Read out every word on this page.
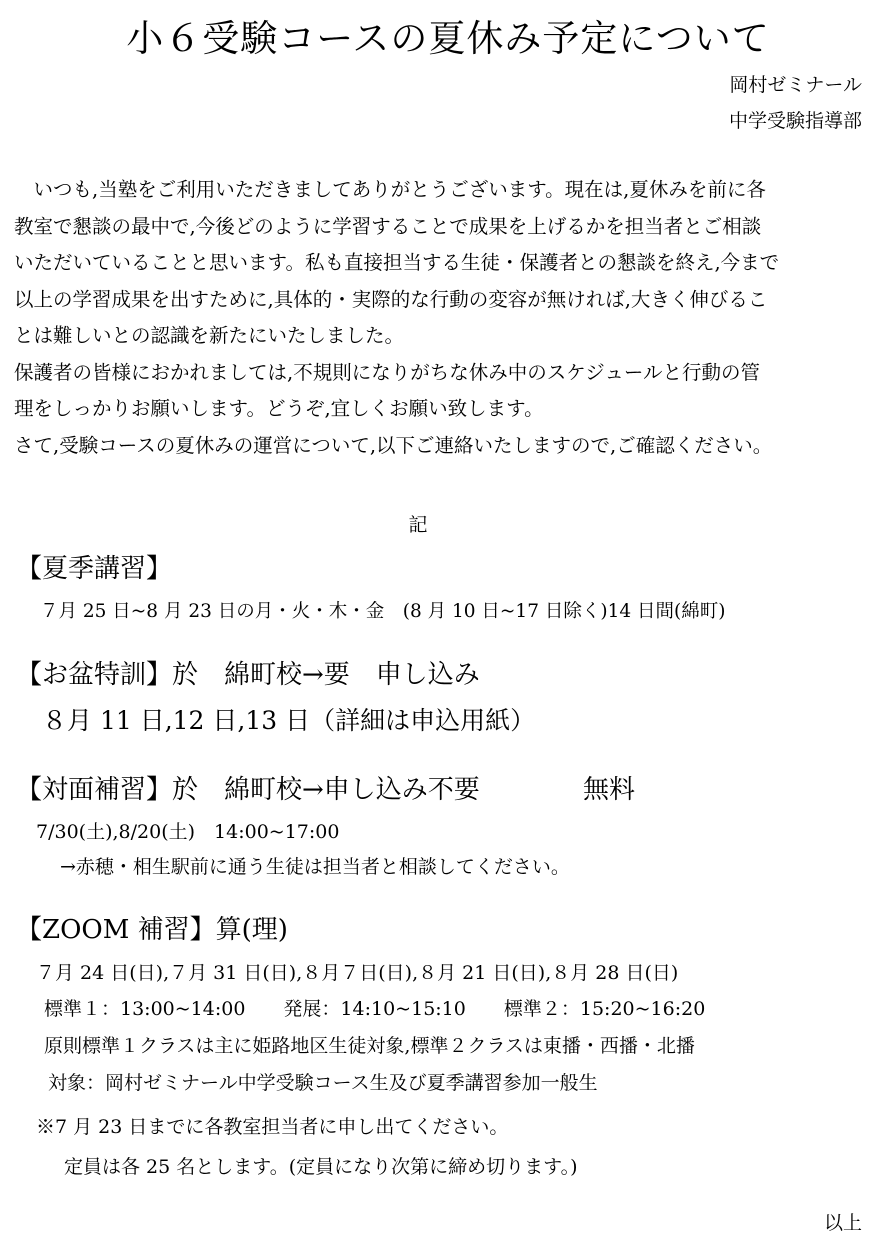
小６受験コースの夏休み予定について
岡村ゼミナール
中学受験指導部

　いつも,当塾をご利用いただきましてありがとうございます。現在は,夏休みを前に各

教室で懇談の最中で,今後どのように学習することで成果を上げるかを担当者とご相談

いただいていることと思います。私も直接担当する生徒・保護者との懇談を終え,今まで

以上の学習成果を出すために,具体的・実際的な行動の変容が無ければ,大きく伸びるこ

とは難しいとの認識を新たにいたしました。

保護者の皆様におかれましては,不規則になりがちな休み中のスケジュールと行動の管

理をしっかりお願いします。どうぞ,宜しくお願い致します。

さて,受験コースの夏休みの運営について,以下ご連絡いたしますので,ご確認ください。

記
【夏季講習】
７月 25 日~8 月 23 日の月・火・木・金　(8 月 10 日~17 日除く)14 日間(綿町)
【お盆特訓】於　綿町校→要　申し込み
８月 11 日,12 日,13 日（詳細は申込用紙）
【対面補習】於　綿町校→申し込み不要	無料
7/30(土),8/20(土)　14:00~17:00
→赤穂・相生駅前に通う生徒は担当者と相談してください。
【ZOOM 補習】算(理)
７月 24 日(日),７月 31 日(日),８月７日(日),８月 21 日(日),８月 28 日(日)
標準１：13:00~14:00　　発展：14:10~15:10　　標準２：15:20~16:20
原則標準１クラスは主に姫路地区生徒対象,標準２クラスは東播・西播・北播
対象：岡村ゼミナール中学受験コース生及び夏季講習参加一般生
※7 月 23 日までに各教室担当者に申し出てください。
定員は各 25 名とします。(定員になり次第に締め切ります。)
以上
